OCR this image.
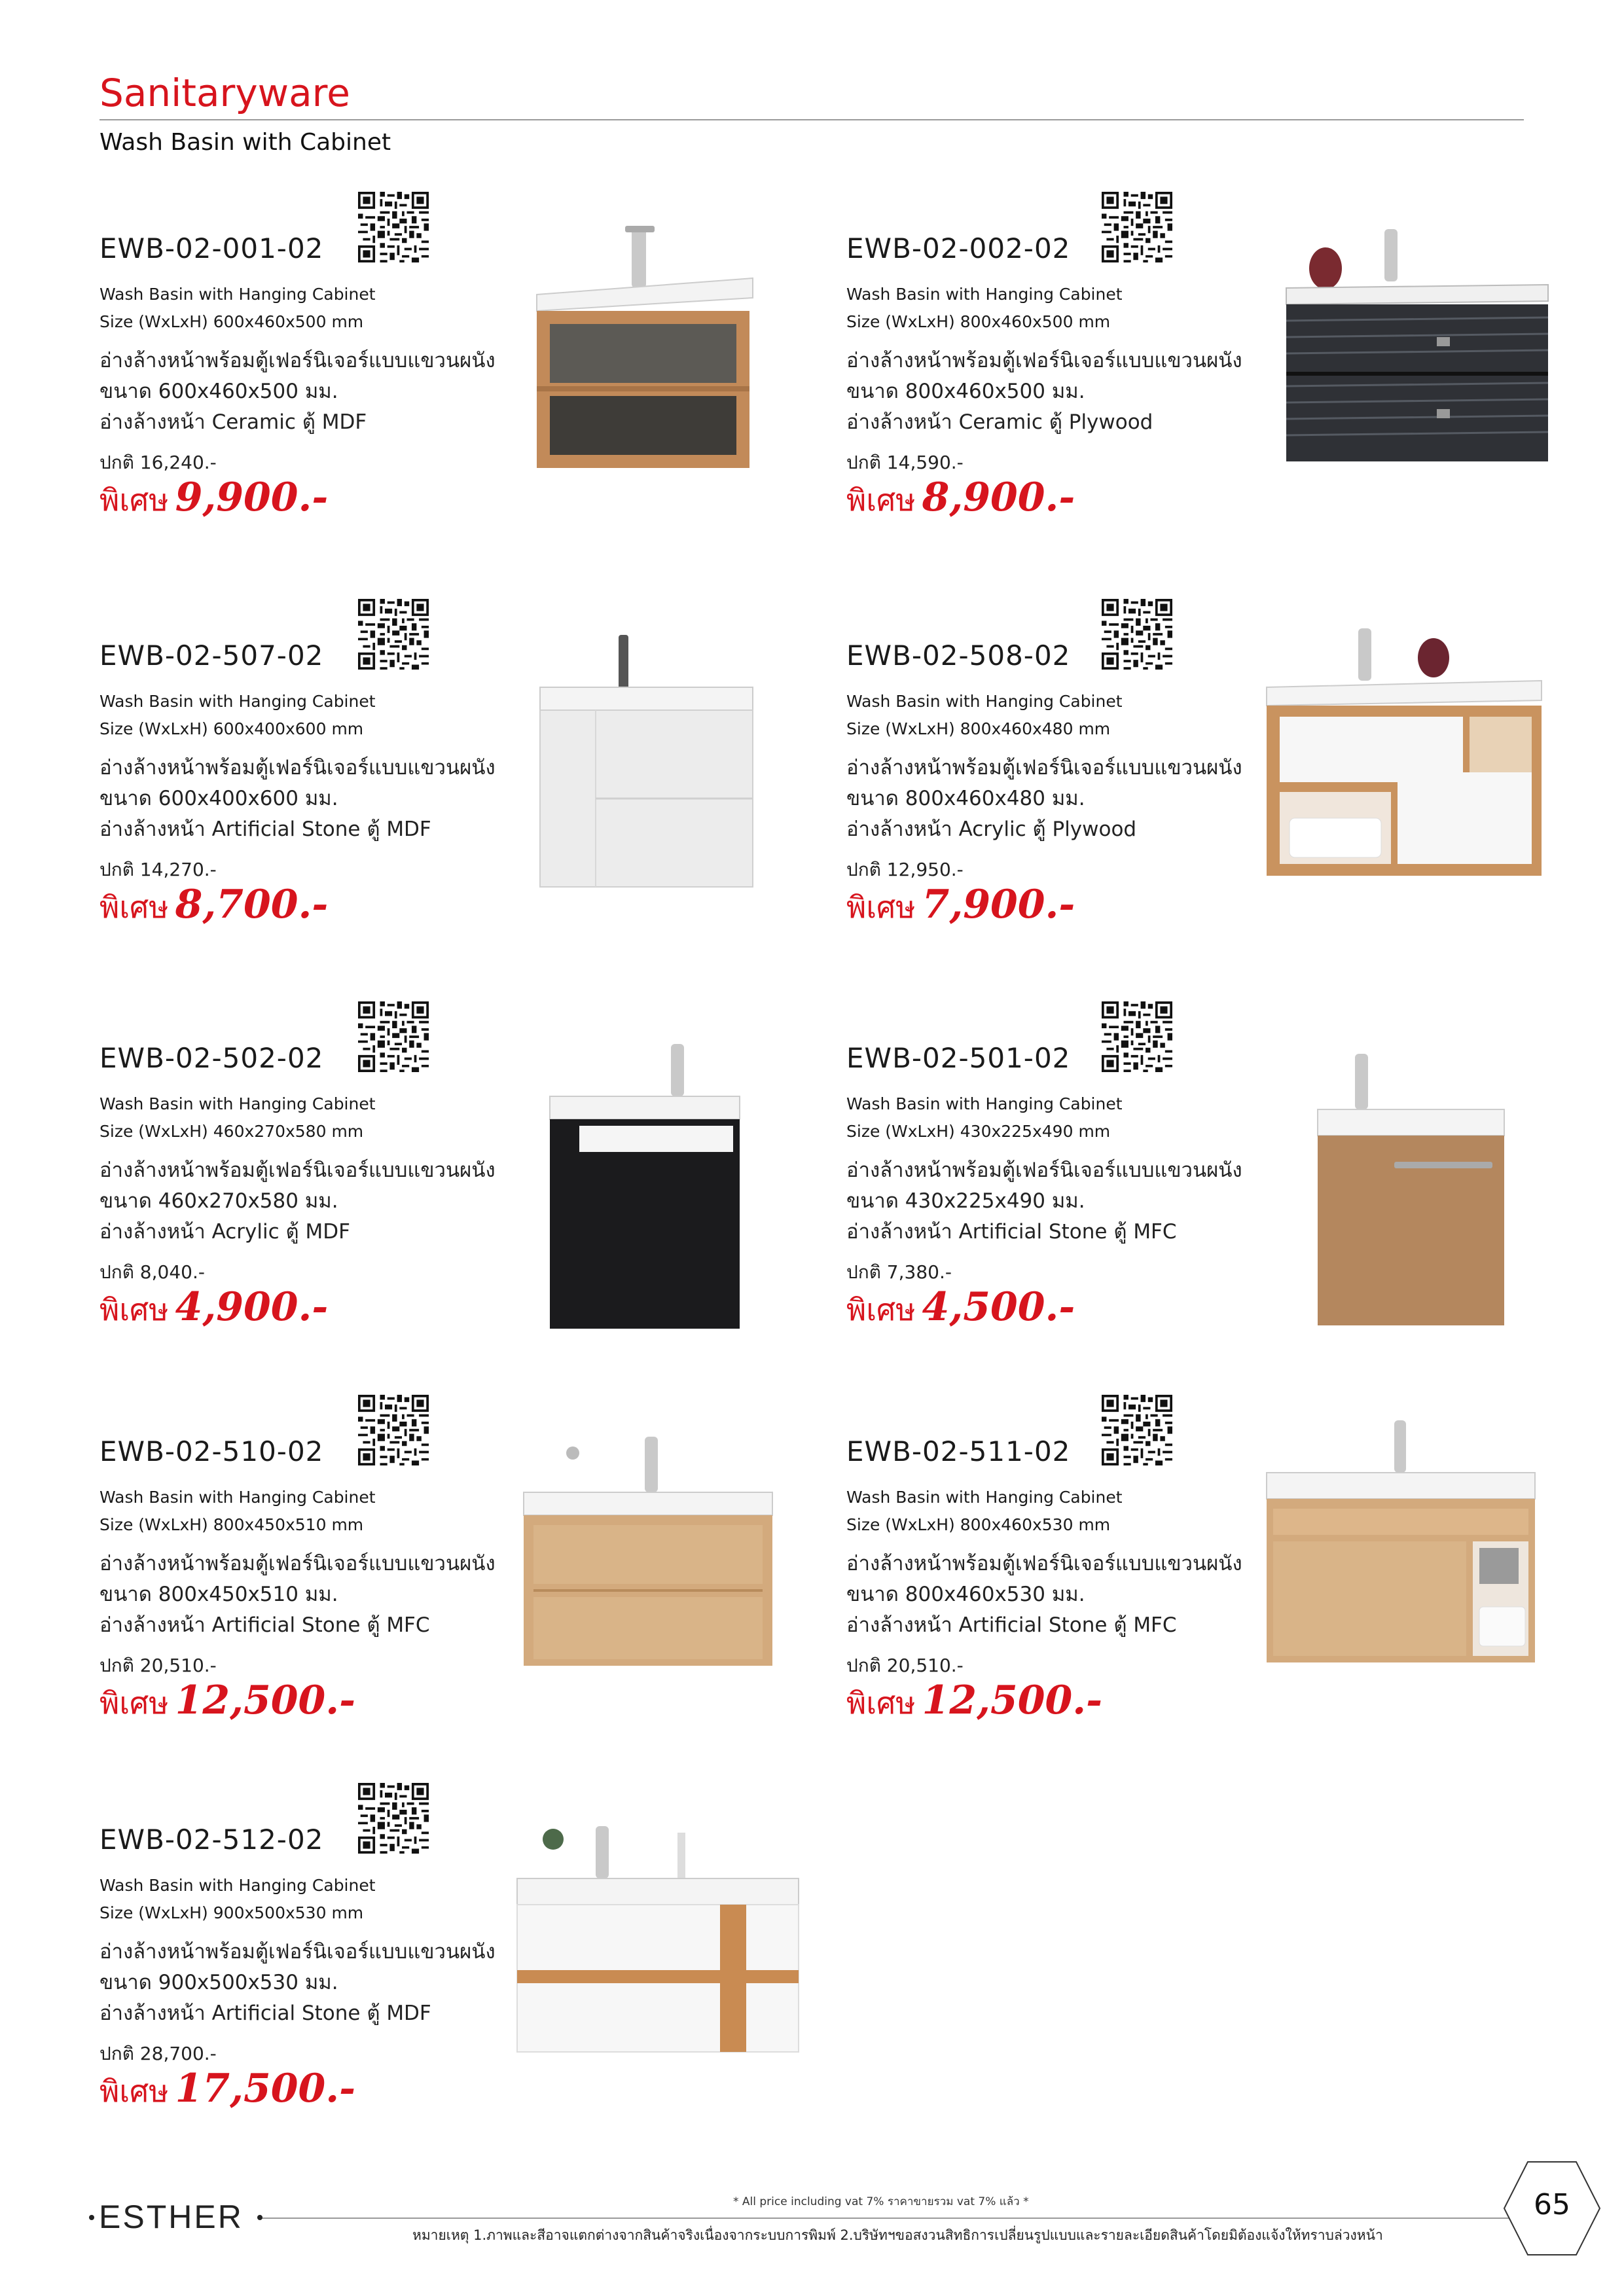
Sanitaryware
Wash Basin with Cabinet
EWB-02-001-02
Wash Basin with Hanging Cabinet
Size (WxLxH) 600x460x500 mm
อ่างล้างหน้าพร้อมตู้เฟอร์นิเจอร์แบบแขวนผนัง
ขนาด 600x460x500 มม.
อ่างล้างหน้า Ceramic ตู้ MDF
ปกติ 16,240.-
พิเศษ 9,900.-
EWB-02-002-02
Wash Basin with Hanging Cabinet
Size (WxLxH) 800x460x500 mm
อ่างล้างหน้าพร้อมตู้เฟอร์นิเจอร์แบบแขวนผนัง
ขนาด 800x460x500 มม.
อ่างล้างหน้า Ceramic ตู้ Plywood
ปกติ 14,590.-
พิเศษ 8,900.-
EWB-02-507-02
Wash Basin with Hanging Cabinet
Size (WxLxH) 600x400x600 mm
อ่างล้างหน้าพร้อมตู้เฟอร์นิเจอร์แบบแขวนผนัง
ขนาด 600x400x600 มม.
อ่างล้างหน้า Artificial Stone ตู้ MDF
ปกติ 14,270.-
พิเศษ 8,700.-
EWB-02-508-02
Wash Basin with Hanging Cabinet
Size (WxLxH) 800x460x480 mm
อ่างล้างหน้าพร้อมตู้เฟอร์นิเจอร์แบบแขวนผนัง
ขนาด 800x460x480 มม.
อ่างล้างหน้า Acrylic ตู้ Plywood
ปกติ 12,950.-
พิเศษ 7,900.-
EWB-02-502-02
Wash Basin with Hanging Cabinet
Size (WxLxH) 460x270x580 mm
อ่างล้างหน้าพร้อมตู้เฟอร์นิเจอร์แบบแขวนผนัง
ขนาด 460x270x580 มม.
อ่างล้างหน้า Acrylic ตู้ MDF
ปกติ 8,040.-
พิเศษ 4,900.-
EWB-02-501-02
Wash Basin with Hanging Cabinet
Size (WxLxH) 430x225x490 mm
อ่างล้างหน้าพร้อมตู้เฟอร์นิเจอร์แบบแขวนผนัง
ขนาด 430x225x490 มม.
อ่างล้างหน้า Artificial Stone ตู้ MFC
ปกติ 7,380.-
พิเศษ 4,500.-
EWB-02-510-02
Wash Basin with Hanging Cabinet
Size (WxLxH) 800x450x510 mm
อ่างล้างหน้าพร้อมตู้เฟอร์นิเจอร์แบบแขวนผนัง
ขนาด 800x450x510 มม.
อ่างล้างหน้า Artificial Stone ตู้ MFC
ปกติ 20,510.-
พิเศษ 12,500.-
EWB-02-511-02
Wash Basin with Hanging Cabinet
Size (WxLxH) 800x460x530 mm
อ่างล้างหน้าพร้อมตู้เฟอร์นิเจอร์แบบแขวนผนัง
ขนาด 800x460x530 มม.
อ่างล้างหน้า Artificial Stone ตู้ MFC
ปกติ 20,510.-
พิเศษ 12,500.-
EWB-02-512-02
Wash Basin with Hanging Cabinet
Size (WxLxH) 900x500x530 mm
อ่างล้างหน้าพร้อมตู้เฟอร์นิเจอร์แบบแขวนผนัง
ขนาด 900x500x530 มม.
อ่างล้างหน้า Artificial Stone ตู้ MDF
ปกติ 28,700.-
พิเศษ 17,500.-
* All price including vat 7% ราคาขายรวม vat 7% แล้ว *
หมายเหตุ 1.ภาพและสีอาจแตกต่างจากสินค้าจริงเนื่องจากระบบการพิมพ์ 2.บริษัทฯขอสงวนสิทธิการเปลี่ยนรูปแบบและรายละเอียดสินค้าโดยมิต้องแจ้งให้ทราบล่วงหน้า
ESTHER	65
